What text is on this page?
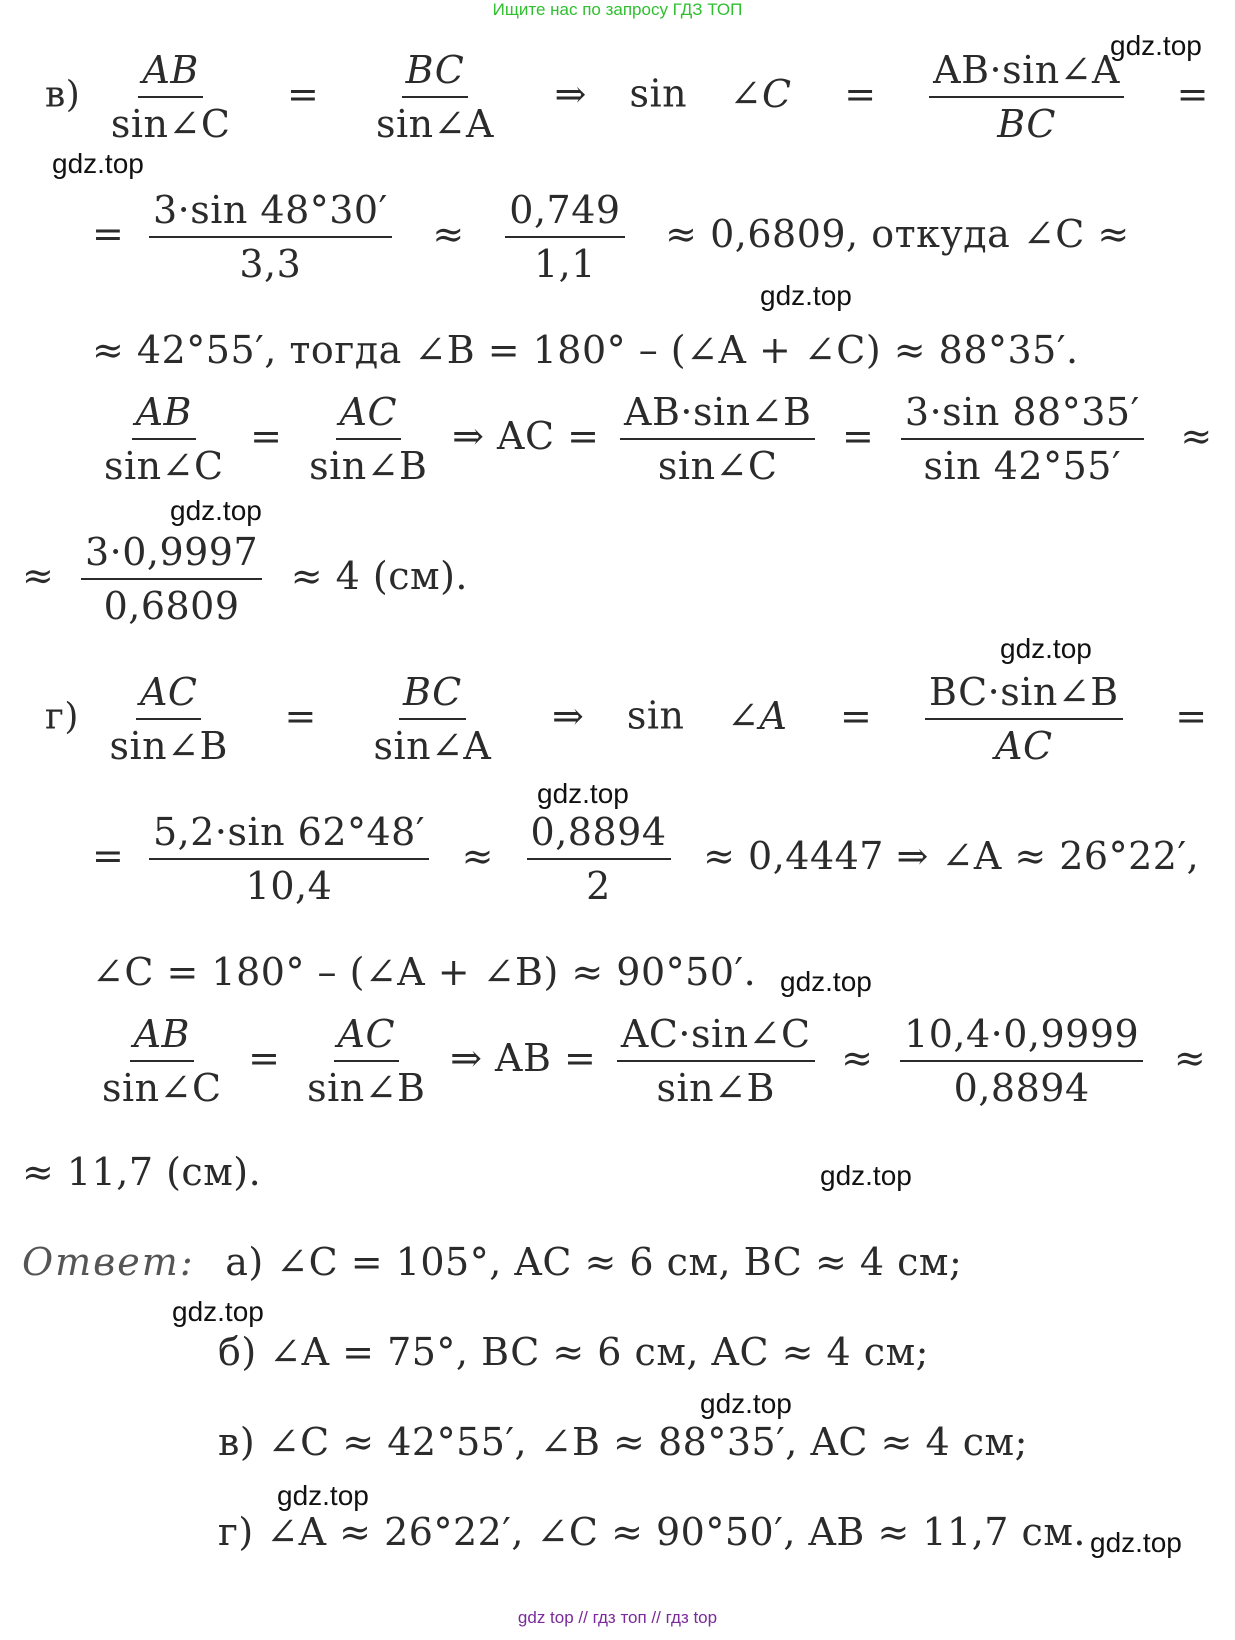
Ищите нас по запросу ГДЗ ТОП
gdz.top
gdz.top
gdz.top
gdz.top
gdz.top
gdz.top
gdz.top
gdz.top
gdz.top
gdz.top
gdz.top
gdz.top
$в) \frac{AB}{\sin\angle C} = \frac{BC}{\sin\angle A}$ ⇒ sin ∠C = $\frac{AB\cdot\sin\angle A}{BC}$ =
= $\frac{3\cdot\sin 48^\circ 30'}{3,3} \approx \frac{0,749}{1,1} \approx 0,6809$, откуда ∠C ≈
≈ 42°55′, тогда ∠B = 180° – (∠A + ∠C) ≈ 88°35′.
$\frac{AB}{\sin\angle C} = \frac{AC}{\sin\angle B}$ ⇒ AC = $\frac{AB\cdot\sin\angle B}{\sin\angle C} = \frac{3\cdot\sin 88^\circ 35'}{\sin 42^\circ 55'}$ ≈
≈ $\frac{3\cdot 0,9997}{0,6809} \approx 4$ (см).
$г) \frac{AC}{\sin\angle B} = \frac{BC}{\sin\angle A}$ ⇒ sin ∠A = $\frac{BC\cdot\sin\angle B}{AC}$ =
= $\frac{5,2\cdot\sin 62^\circ 48'}{10,4} \approx \frac{0,8894}{2} \approx 0,4447$ ⇒ ∠A ≈ 26°22′,
∠C = 180° – (∠A + ∠B) ≈ 90°50′.
$\frac{AB}{\sin\angle C} = \frac{AC}{\sin\angle B}$ ⇒ AB = $\frac{AC\cdot\sin\angle C}{\sin\angle B} \approx \frac{10,4\cdot 0,9999}{0,8894}$ ≈
≈ 11,7 (см).
Ответ: а) ∠C = 105°, AC ≈ 6 см, BC ≈ 4 см;
б) ∠A = 75°, BC ≈ 6 см, AC ≈ 4 см;
в) ∠C ≈ 42°55′, ∠B ≈ 88°35′, AC ≈ 4 см;
г) ∠A ≈ 26°22′, ∠C ≈ 90°50′, AB ≈ 11,7 см.
gdz top // гдз топ // гдз top
